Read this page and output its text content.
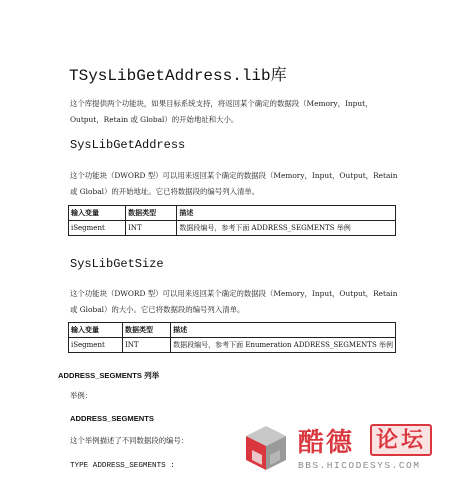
TSysLibGetAddress.lib库
这个库提供两个功能块，如果目标系统支持，将返回某个确定的数据段（Memory，Input，
Output，Retain 或 Global）的开始地址和大小。
SysLibGetAddress
这个功能块（DWORD 型）可以用来返回某个确定的数据段（Memory，Input，Output，Retain
或 Global）的开始地址。它已将数据段的编号列入清单。
输入变量	数据类型	描述
iSegment	INT	数据段编号，参考下面 ADDRESS_SEGMENTS 举例
SysLibGetSize
这个功能块（DWORD 型）可以用来返回某个确定的数据段（Memory，Input，Output，Retain
或 Global）的大小。它已将数据段的编号列入清单。
输入变量	数据类型	描述
iSegment	INT	数据段编号，参考下面 Enumeration ADDRESS_SEGMENTS 举例
ADDRESS_SEGMENTS 列举
举例：
ADDRESS_SEGMENTS
这个举例描述了不同数据段的编号：
TYPE ADDRESS_SEGMENTS :
酷德 论坛
BBS.HICODESYS.COM
